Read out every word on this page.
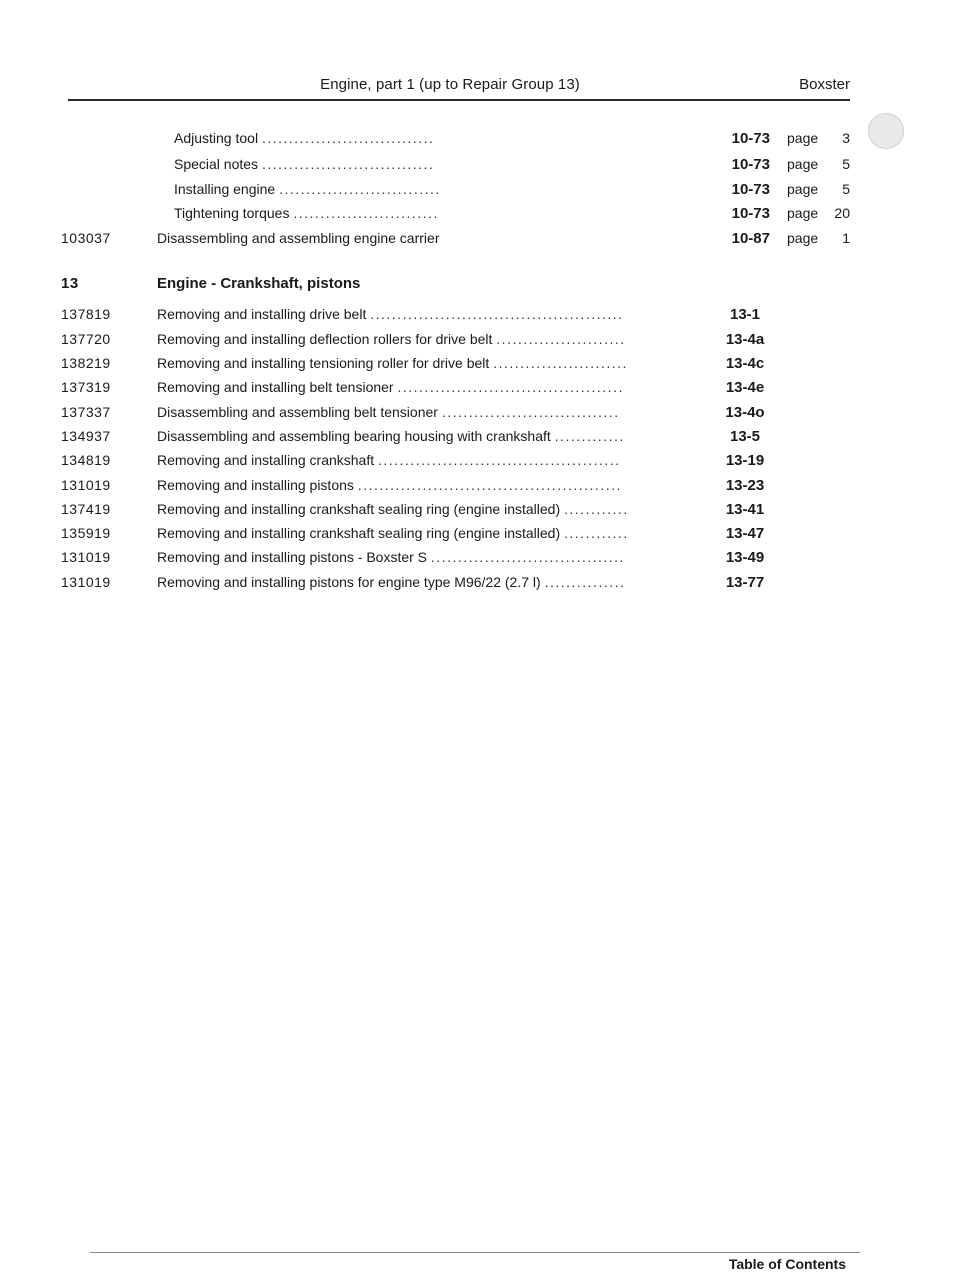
Engine, part 1 (up to Repair Group 13)	Boxster
Adjusting tool ................................	10-73 page	3
Special notes ................................	10-73 page	5
Installing engine ..............................	10-73 page	5
Tightening torques ...........................	10-73 page	20
103037	Disassembling and assembling engine carrier	10-87 page	1
13	Engine - Crankshaft, pistons
137819	Removing and installing drive belt ...............................................	13-1
137720	Removing and installing deflection rollers for drive belt ........................	13-4a
138219	Removing and installing tensioning roller for drive belt .........................	13-4c
137319	Removing and installing belt tensioner ..........................................	13-4e
137337	Disassembling and assembling belt tensioner .................................	13-4o
134937	Disassembling and assembling bearing housing with crankshaft .............	13-5
134819	Removing and installing crankshaft .............................................	13-19
131019	Removing and installing pistons .................................................	13-23
137419	Removing and installing crankshaft sealing ring (engine installed) ............	13-41
135919	Removing and installing crankshaft sealing ring (engine installed) ............	13-47
131019	Removing and installing pistons - Boxster S ....................................	13-49
131019	Removing and installing pistons for engine type M96/22 (2.7 l) ...............	13-77
Table of Contents
